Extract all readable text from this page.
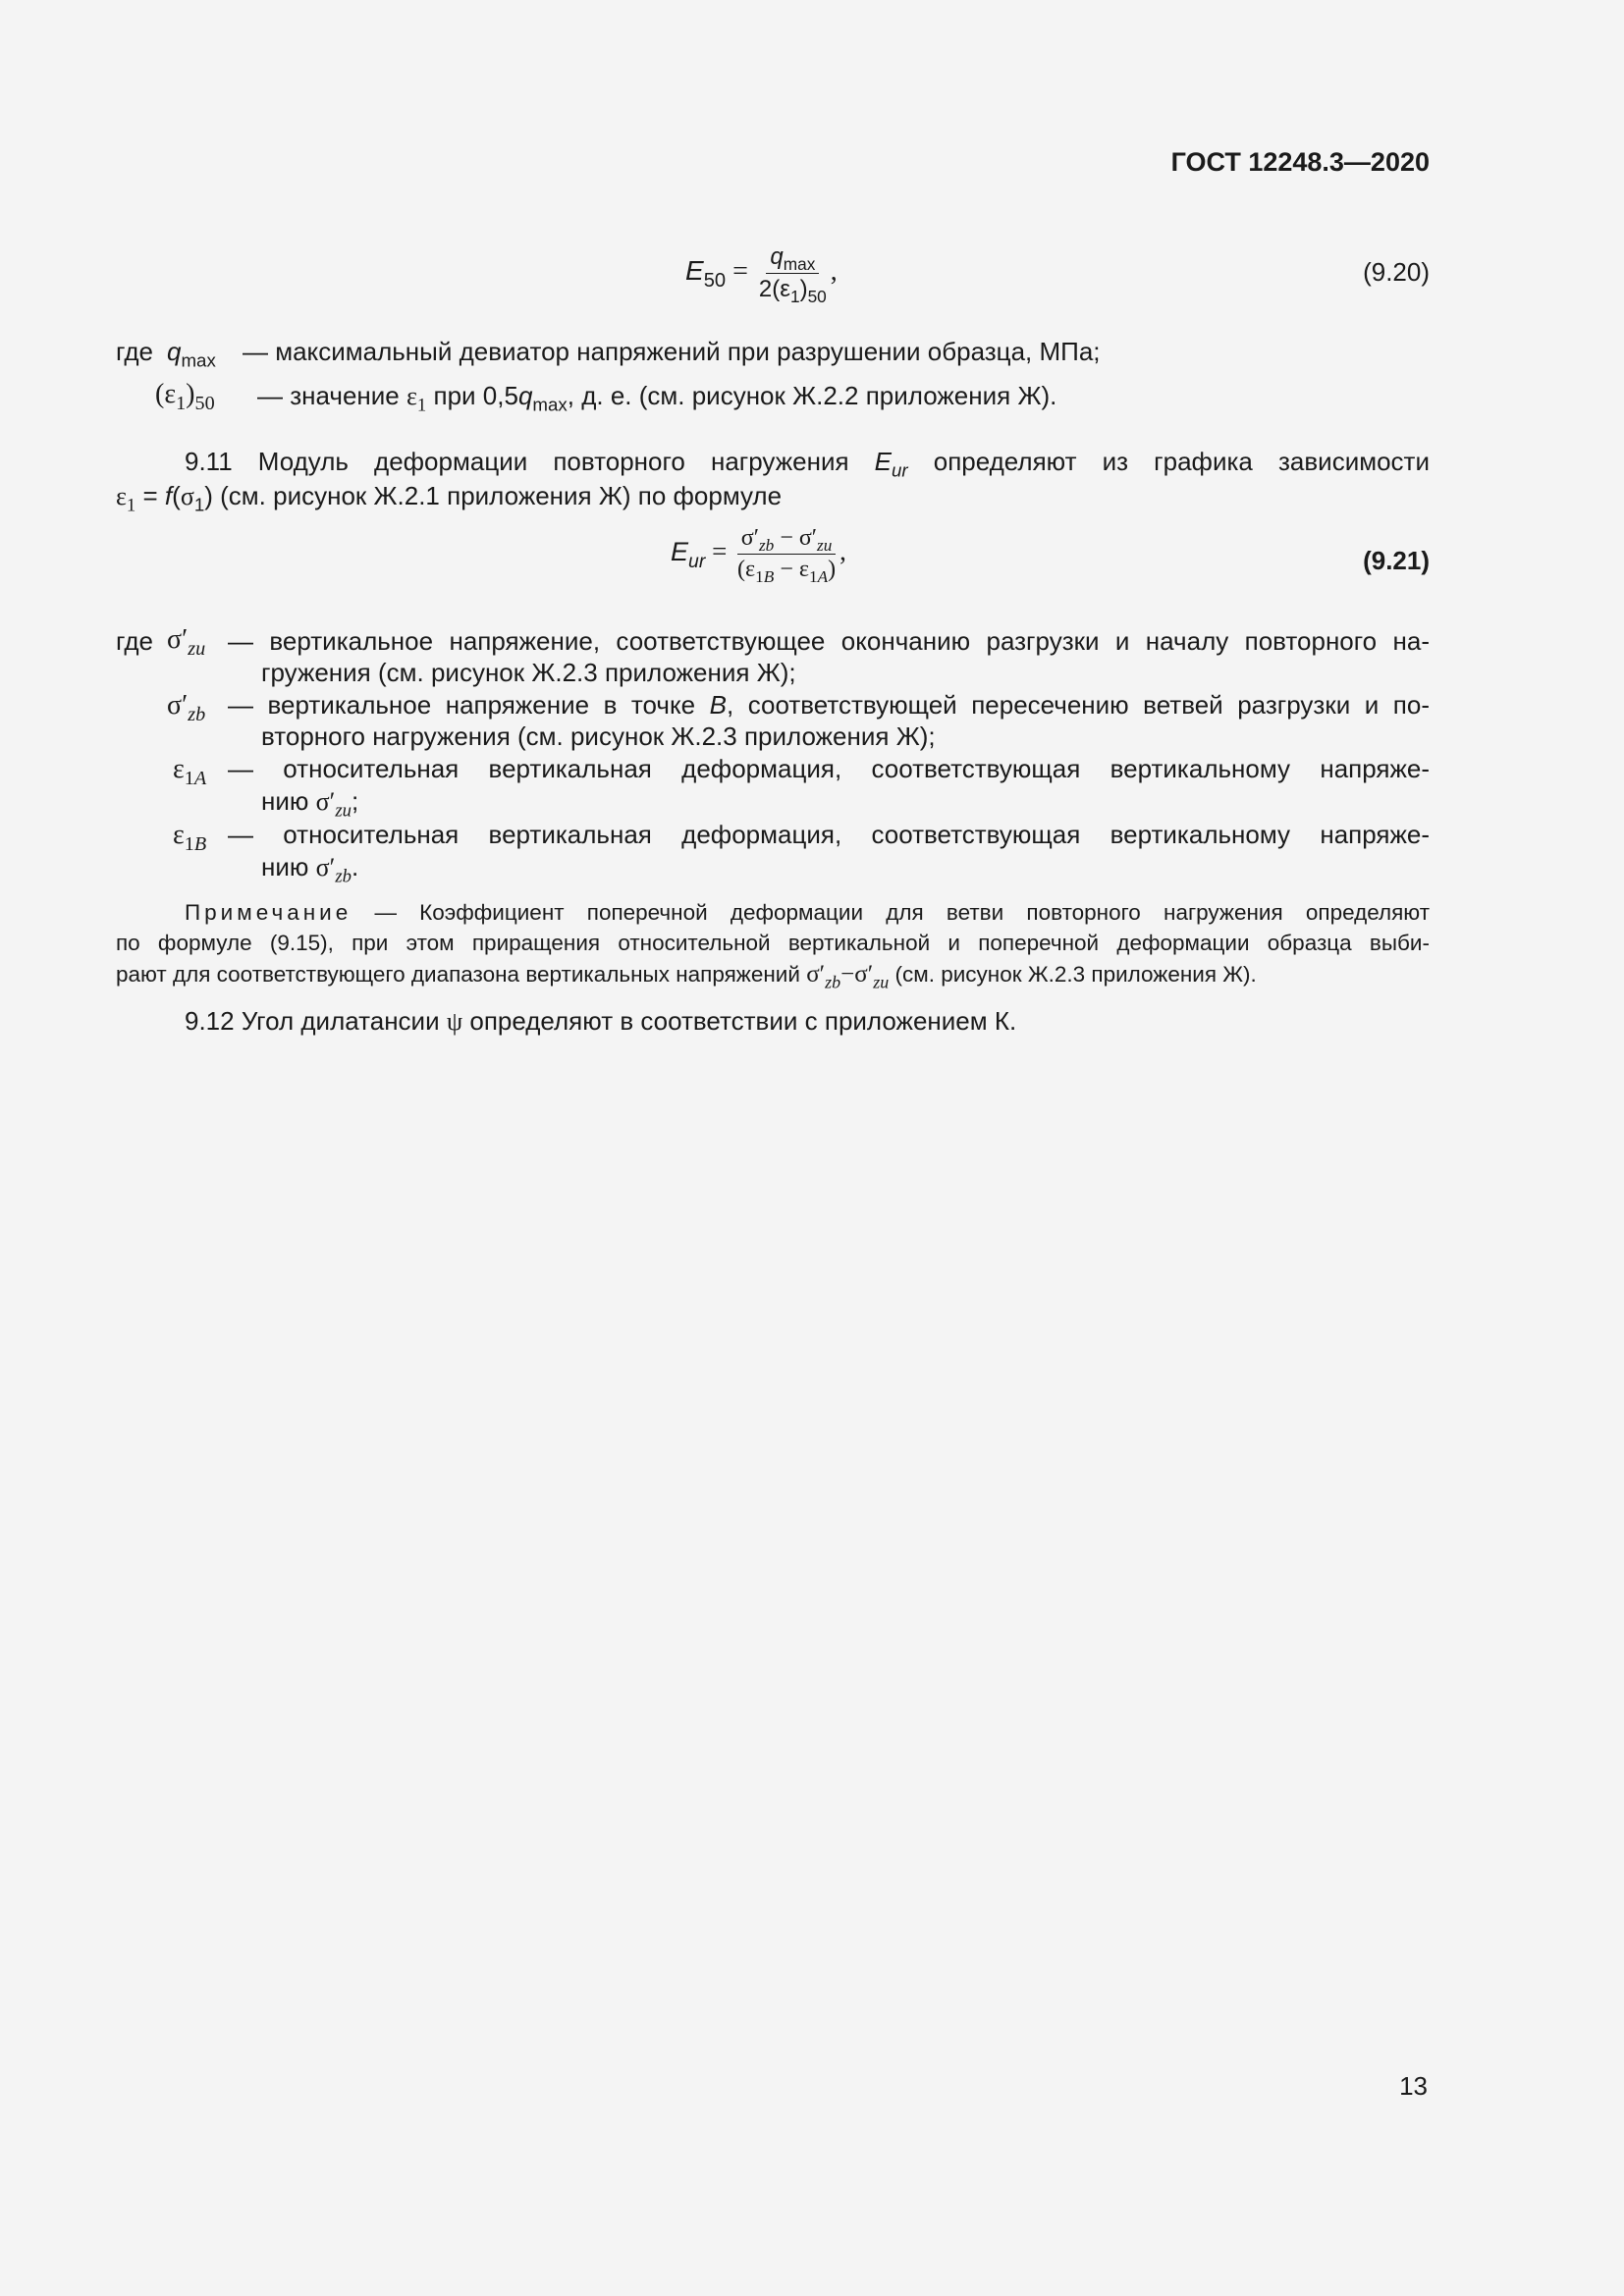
ГОСТ 12248.3—2020
$E_{50} = \frac{q_{max}}{2(\varepsilon_1)_{50}}$ ,	(9.20)
где $q_{max}$ — максимальный девиатор напряжений при разрушении образца, МПа;
$(\varepsilon_1)_{50}$ — значение $\varepsilon_1$ при $0,5q_{max}$, д. е. (см. рисунок Ж.2.2 приложения Ж).
9.11 Модуль деформации повторного нагружения $E_{ur}$ определяют из графика зависимости
$\varepsilon_1 = f(\sigma_1)$ (см. рисунок Ж.2.1 приложения Ж) по формуле
$E_{ur} = \frac{\sigma'_{zb} - \sigma'_{zu}}{(\varepsilon_{1B} - \varepsilon_{1A})}$ ,	(9.21)
где $\sigma'_{zu}$ — вертикальное напряжение, соответствующее окончанию разгрузки и началу повторного на-
гружения (см. рисунок Ж.2.3 приложения Ж);
$\sigma'_{zb}$ — вертикальное напряжение в точке B, соответствующей пересечению ветвей разгрузки и по-
вторного нагружения (см. рисунок Ж.2.3 приложения Ж);
$\varepsilon_{1A}$ — относительная вертикальная деформация, соответствующая вертикальному напряже-
нию $\sigma'_{zu}$;
$\varepsilon_{1B}$ — относительная вертикальная деформация, соответствующая вертикальному напряже-
нию $\sigma'_{zb}$.
Примечание — Коэффициент поперечной деформации для ветви повторного нагружения определяют
по формуле (9.15), при этом приращения относительной вертикальной и поперечной деформации образца выби-
рают для соответствующего диапазона вертикальных напряжений $\sigma'_{zb}-\sigma'_{zu}$ (см. рисунок Ж.2.3 приложения Ж).
9.12 Угол дилатансии ψ определяют в соответствии с приложением К.
13
